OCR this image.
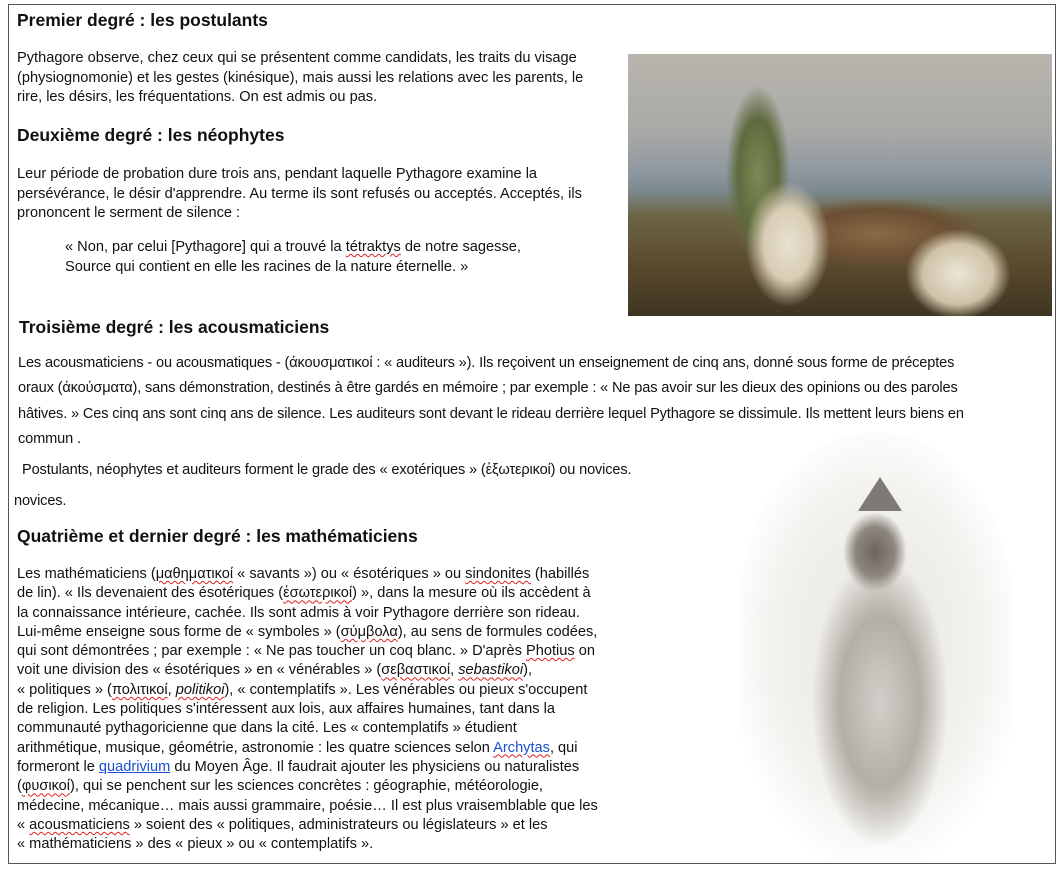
Premier degré : les postulants
Pythagore observe, chez ceux qui se présentent comme candidats, les traits du visage
(physiognomonie) et les gestes (kinésique), mais aussi les relations avec les parents, le
rire, les désirs, les fréquentations. On est admis ou pas.
Deuxième degré : les néophytes
Leur période de probation dure trois ans, pendant laquelle Pythagore examine la
persévérance, le désir d'apprendre. Au terme ils sont refusés ou acceptés. Acceptés, ils
prononcent le serment de silence :
« Non, par celui [Pythagore] qui a trouvé la tétraktys de notre sagesse,
Source qui contient en elle les racines de la nature éternelle. »
Troisième degré : les acousmaticiens
Les acousmaticiens - ou acousmatiques - (άκουσματικοί : « auditeurs »). Ils reçoivent un enseignement de cinq ans, donné sous forme de préceptes
oraux (άκούσματα), sans démonstration, destinés à être gardés en mémoire ; par exemple : « Ne pas avoir sur les dieux des opinions ou des paroles
hâtives. » Ces cinq ans sont cinq ans de silence. Les auditeurs sont devant le rideau derrière lequel Pythagore se dissimule. Ils mettent leurs biens en
commun .
Postulants, néophytes et auditeurs forment le grade des « exotériques » (ἐξωτερικοί) ou novices.
novices.
Quatrième et dernier degré : les mathématiciens
Les mathématiciens (μαθηματικοί « savants ») ou « ésotériques » ou sindonites (habillés
de lin). « Ils devenaient des ésotériques (ἐσωτερικοί) », dans la mesure où ils accèdent à
la connaissance intérieure, cachée. Ils sont admis à voir Pythagore derrière son rideau.
Lui-même enseigne sous forme de « symboles » (σύμβολα), au sens de formules codées,
qui sont démontrées ; par exemple : « Ne pas toucher un coq blanc. » D'après Photius on
voit une division des « ésotériques » en « vénérables » (σεβαστικοί, sebastikoi),
« politiques » (πολιτικοί, politikoi), « contemplatifs ». Les vénérables ou pieux s'occupent
de religion. Les politiques s'intéressent aux lois, aux affaires humaines, tant dans la
communauté pythagoricienne que dans la cité. Les « contemplatifs » étudient
arithmétique, musique, géométrie, astronomie : les quatre sciences selon Archytas, qui
formeront le quadrivium du Moyen Âge. Il faudrait ajouter les physiciens ou naturalistes
(φυσικοί), qui se penchent sur les sciences concrètes : géographie, météorologie,
médecine, mécanique… mais aussi grammaire, poésie… Il est plus vraisemblable que les
« acousmaticiens » soient des « politiques, administrateurs ou législateurs » et les
« mathématiciens » des « pieux » ou « contemplatifs ».
